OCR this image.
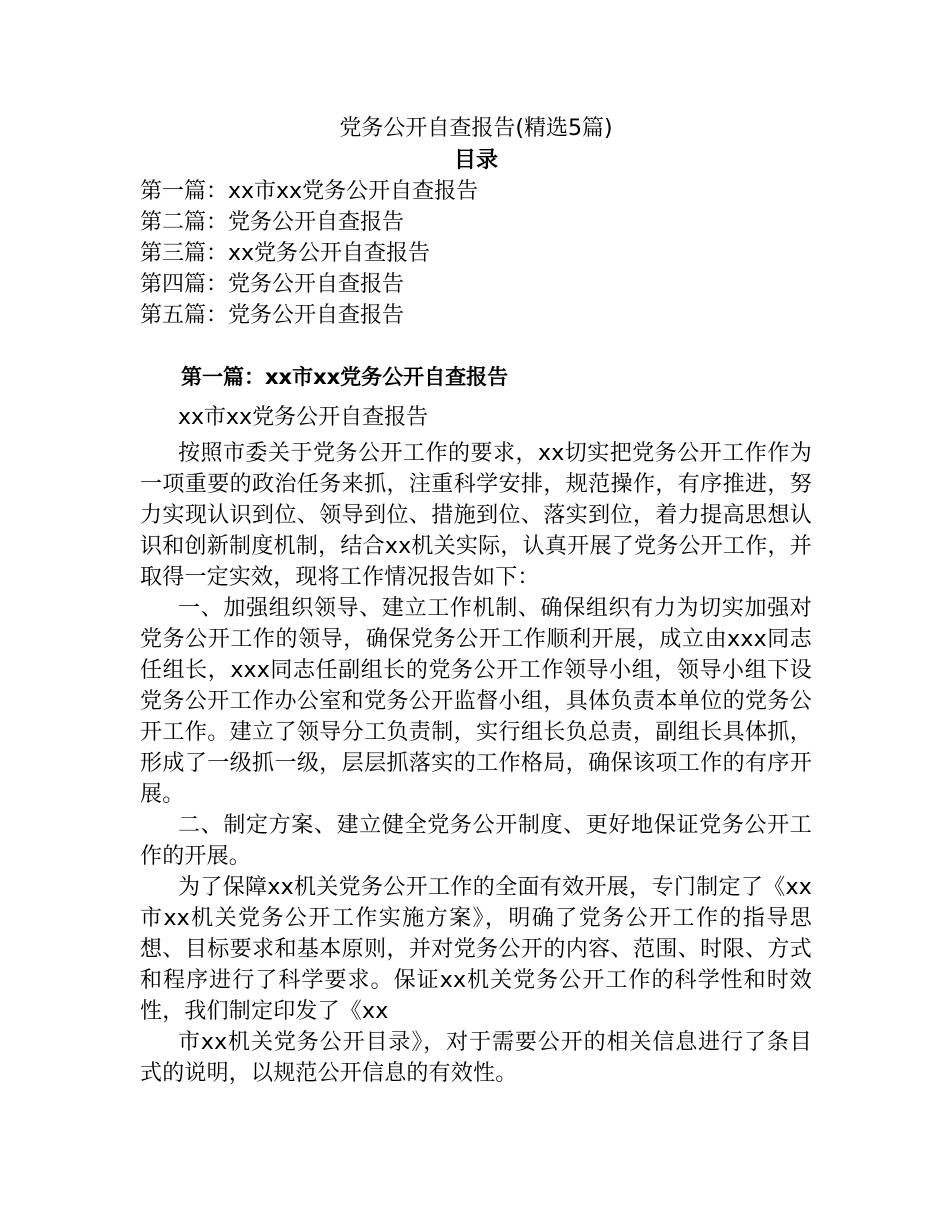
党务公开自查报告(精选5篇)
目录
第一篇：xx市xx党务公开自查报告
第二篇：党务公开自查报告
第三篇：xx党务公开自查报告
第四篇：党务公开自查报告
第五篇：党务公开自查报告
第一篇：xx市xx党务公开自查报告

xx市xx党务公开自查报告

按照市委关于党务公开工作的要求，xx切实把党务公开工作作为一项重要的政治任务来抓，注重科学安排，规范操作，有序推进，努力实现认识到位、领导到位、措施到位、落实到位，着力提高思想认识和创新制度机制，结合xx机关实际，认真开展了党务公开工作，并取得一定实效，现将工作情况报告如下：

一、加强组织领导、建立工作机制、确保组织有力为切实加强对党务公开工作的领导，确保党务公开工作顺利开展，成立由xxx同志任组长，xxx同志任副组长的党务公开工作领导小组，领导小组下设党务公开工作办公室和党务公开监督小组，具体负责本单位的党务公开工作。建立了领导分工负责制，实行组长负总责，副组长具体抓，形成了一级抓一级，层层抓落实的工作格局，确保该项工作的有序开展。

二、制定方案、建立健全党务公开制度、更好地保证党务公开工作的开展。

为了保障xx机关党务公开工作的全面有效开展，专门制定了《xx市xx机关党务公开工作实施方案》，明确了党务公开工作的指导思想、目标要求和基本原则，并对党务公开的内容、范围、时限、方式和程序进行了科学要求。保证xx机关党务公开工作的科学性和时效性，我们制定印发了《xx

市xx机关党务公开目录》，对于需要公开的相关信息进行了条目式的说明，以规范公开信息的有效性。
